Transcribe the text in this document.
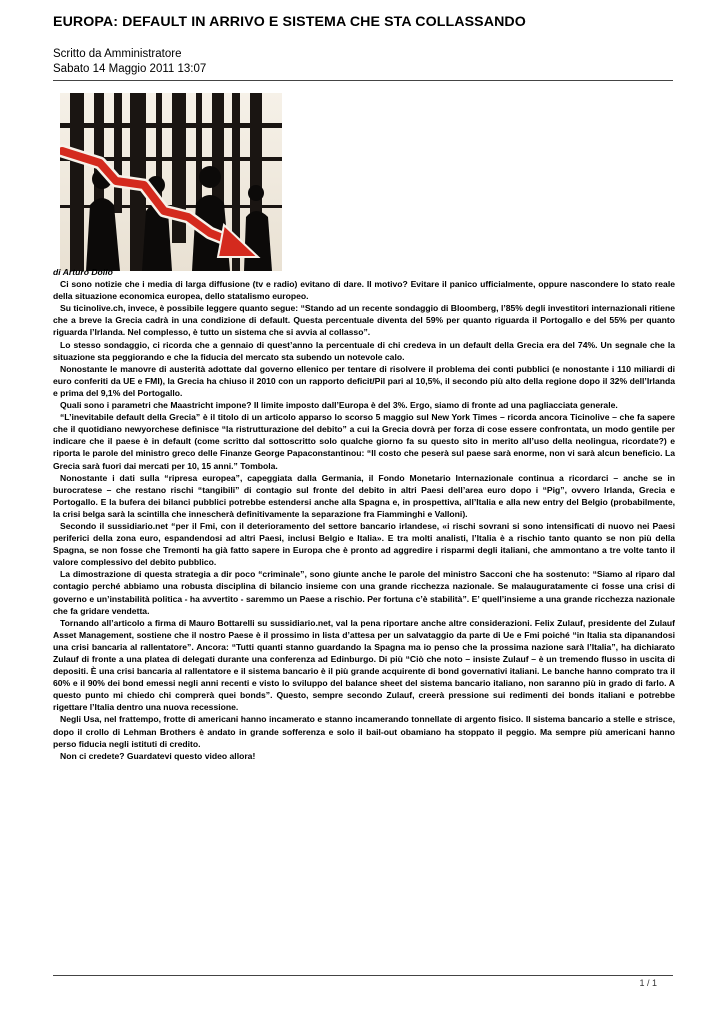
EUROPA: DEFAULT IN ARRIVO E SISTEMA CHE STA COLLASSANDO
Scritto da Amministratore
Sabato 14 Maggio 2011 13:07
di Arturo Doilo

Ci sono notizie che i media di larga diffusione (tv e radio) evitano di dare. Il motivo? Evitare il panico ufficialmente, oppure nascondere lo stato reale della situazione economica europea, dello statalismo europeo.

Su ticinolive.ch, invece, è possibile leggere quanto segue: “Stando ad un recente sondaggio di Bloomberg, l’85% degli investitori internazionali ritiene che a breve la Grecia cadrà in una condizione di default. Questa percentuale diventa del 59% per quanto riguarda il Portogallo e del 55% per quanto riguarda l’Irlanda. Nel complesso, è tutto un sistema che si avvia al collasso”.

Lo stesso sondaggio, ci ricorda che a gennaio di quest’anno la percentuale di chi credeva in un default della Grecia era del 74%. Un segnale che la situazione sta peggiorando e che la fiducia del mercato sta subendo un notevole calo.

Nonostante le manovre di austerità adottate dal governo ellenico per tentare di risolvere il problema dei conti pubblici (e nonostante i 110 miliardi di euro conferiti da UE e FMI), la Grecia ha chiuso il 2010 con un rapporto deficit/Pil pari al 10,5%, il secondo più alto della regione dopo il 32% dell’Irlanda e prima del 9,1% del Portogallo.

Quali sono i parametri che Maastricht impone? Il limite imposto dall’Europa è del 3%. Ergo, siamo di fronte ad una pagliacciata generale.

“L’inevitabile default della Grecia” è il titolo di un articolo apparso lo scorso 5 maggio sul New York Times – ricorda ancora Ticinolive – che fa sapere che il quotidiano newyorchese definisce “la ristrutturazione del debito” a cui la Grecia dovrà per forza di cose essere confrontata, un modo gentile per indicare che il paese è in default (come scritto dal sottoscritto solo qualche giorno fa su questo sito in merito all’uso della neolingua, ricordate?) e riporta le parole del ministro greco delle Finanze George Papaconstantinou: “Il costo che peserà sul paese sarà enorme, non vi sarà alcun beneficio. La Grecia sarà fuori dai mercati per 10, 15 anni.” Tombola.

Nonostante i dati sulla “ripresa europea”, capeggiata dalla Germania, il Fondo Monetario Internazionale continua a ricordarci – anche se in burocratese – che restano rischi “tangibili” di contagio sul fronte del debito in altri Paesi dell’area euro dopo i “Pig”, ovvero Irlanda, Grecia e Portogallo. E la bufera dei bilanci pubblici potrebbe estendersi anche alla Spagna e, in prospettiva, all’Italia e alla new entry del Belgio (probabilmente, la crisi belga sarà la scintilla che innescherà definitivamente la separazione fra Fiamminghi e Valloni).

Secondo il sussidiario.net “per il Fmi, con il deterioramento del settore bancario irlandese, «i rischi sovrani si sono intensificati di nuovo nei Paesi periferici della zona euro, espandendosi ad altri Paesi, inclusi Belgio e Italia». E tra molti analisti, l’Italia è a rischio tanto quanto se non più della Spagna, se non fosse che Tremonti ha già fatto sapere in Europa che è pronto ad aggredire i risparmi degli italiani, che ammontano a tre volte tanto il valore complessivo del debito pubblico.

La dimostrazione di questa strategia a dir poco “criminale”, sono giunte anche le parole del ministro Sacconi che ha sostenuto: “Siamo al riparo dal contagio perché abbiamo una robusta disciplina di bilancio insieme con una grande ricchezza nazionale. Se malauguratamente ci fosse una crisi di governo e un’instabilità politica - ha avvertito - saremmo un Paese a rischio. Per fortuna c’è stabilità”. E’ quell’insieme a una grande ricchezza nazionale che fa gridare vendetta.

Tornando all’articolo a firma di Mauro Bottarelli su sussidiario.net, val la pena riportare anche altre considerazioni. Felix Zulauf, presidente del Zulauf Asset Management, sostiene che il nostro Paese è il prossimo in lista d’attesa per un salvataggio da parte di Ue e Fmi poiché “in Italia sta dipanandosi una crisi bancaria al rallentatore”. Ancora: “Tutti quanti stanno guardando la Spagna ma io penso che la prossima nazione sarà l’Italia”, ha dichiarato Zulauf di fronte a una platea di delegati durante una conferenza ad Edinburgo. Di più “Ciò che noto – insiste Zulauf – è un tremendo flusso in uscita di depositi. È una crisi bancaria al rallentatore e il sistema bancario è il più grande acquirente di bond governativi italiani. Le banche hanno comprato tra il 60% e il 90% dei bond emessi negli anni recenti e visto lo sviluppo del balance sheet del sistema bancario italiano, non saranno più in grado di farlo. A questo punto mi chiedo chi comprerà quei bonds”. Questo, sempre secondo Zulauf, creerà pressione sui redimenti dei bonds italiani e potrebbe rigettare l’Italia dentro una nuova recessione.

Negli Usa, nel frattempo, frotte di americani hanno incamerato e stanno incamerando tonnellate di argento fisico. Il sistema bancario a stelle e strisce, dopo il crollo di Lehman Brothers è andato in grande sofferenza e solo il bail-out obamiano ha stoppato il peggio. Ma sempre più americani hanno perso fiducia negli istituti di credito.

Non ci credete? Guardatevi questo video allora!

1 / 1
